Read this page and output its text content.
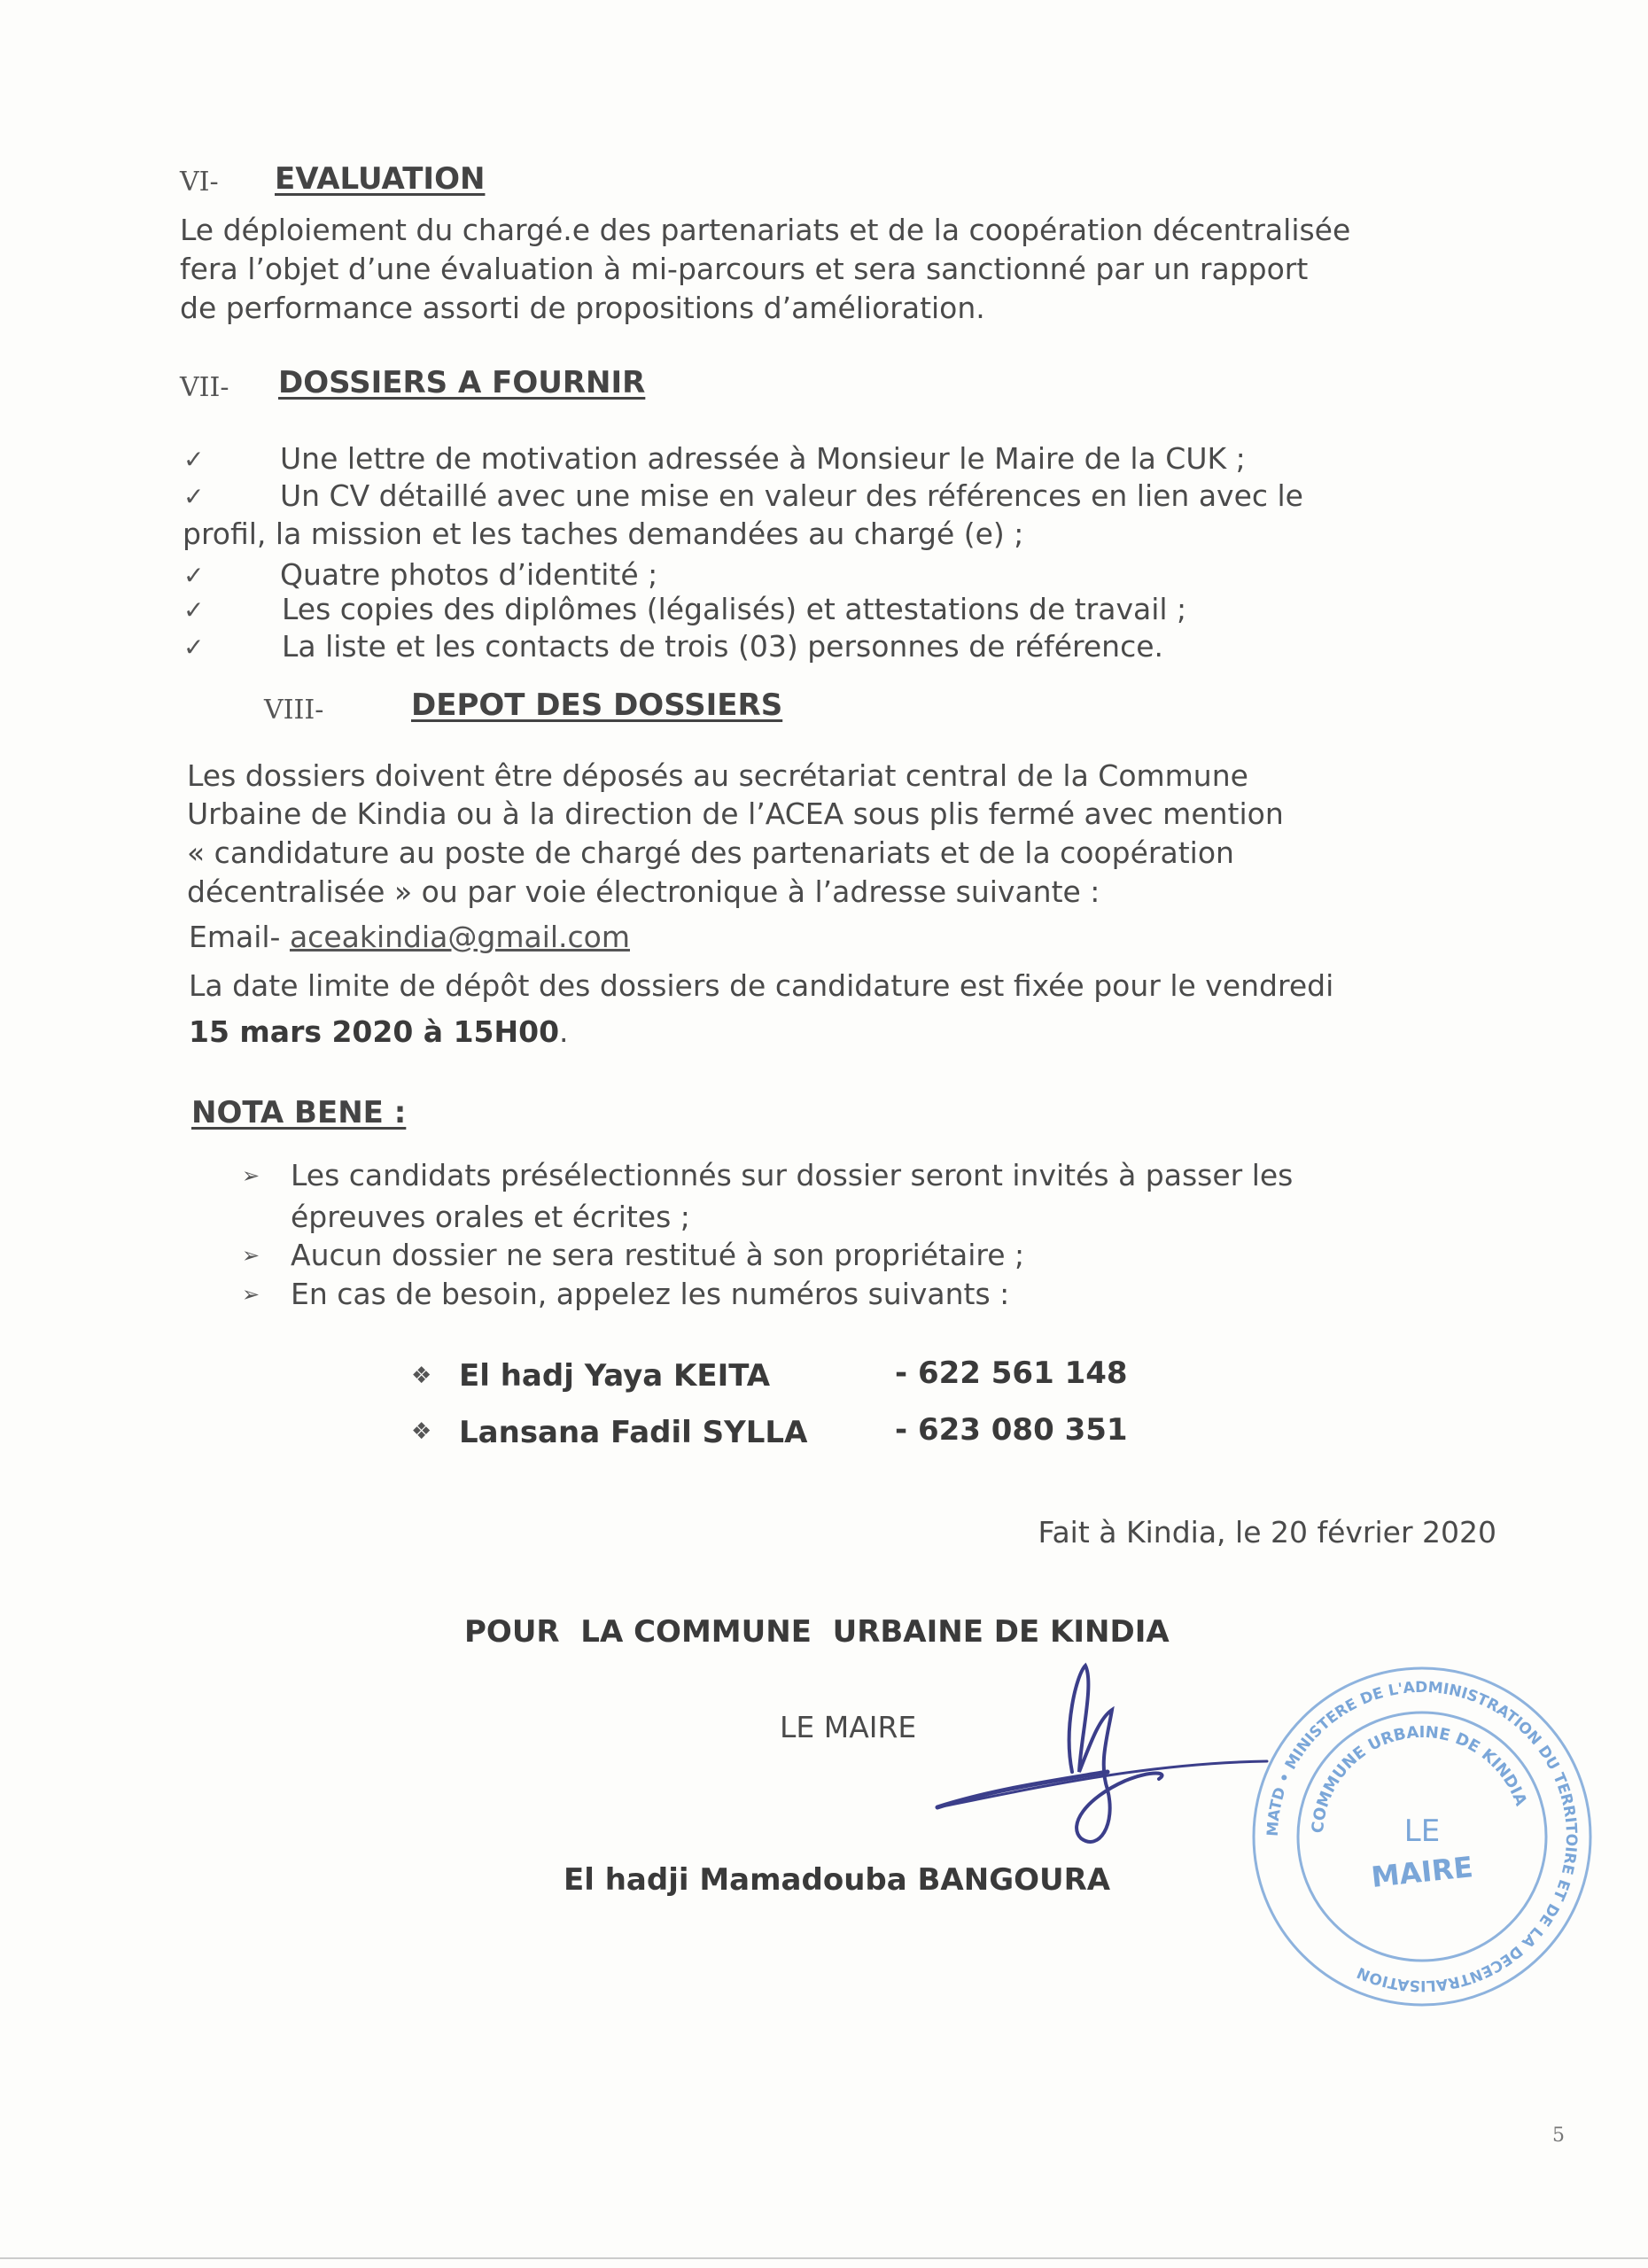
VI- EVALUATION
Le déploiement du chargé.e des partenariats et de la coopération décentralisée
fera l’objet d’une évaluation à mi-parcours et sera sanctionné par un rapport
de performance assorti de propositions d’amélioration.
VII- DOSSIERS A FOURNIR
✓	Une lettre de motivation adressée à Monsieur le Maire de la CUK ;
✓	Un CV détaillé avec une mise en valeur des références en lien avec le
profil, la mission et les taches demandées au chargé (e) ;
✓	Quatre photos d’identité ;
✓	Les copies des diplômes (légalisés) et attestations de travail ;
✓	La liste et les contacts de trois (03) personnes de référence.
VIII-	DEPOT DES DOSSIERS
Les dossiers doivent être déposés au secrétariat central de la Commune
Urbaine de Kindia ou à la direction de l’ACEA sous plis fermé avec mention
« candidature au poste de chargé des partenariats et de la coopération
décentralisée » ou par voie électronique à l’adresse suivante :
Email- aceakindia@gmail.com
La date limite de dépôt des dossiers de candidature est fixée pour le vendredi
15 mars 2020 à 15H00.
NOTA BENE :
➢ Les candidats présélectionnés sur dossier seront invités à passer les
épreuves orales et écrites ;
➢ Aucun dossier ne sera restitué à son propriétaire ;
➢ En cas de besoin, appelez les numéros suivants :
❖ El hadj Yaya KEITA	- 622 561 148
❖ Lansana Fadil SYLLA	- 623 080 351
Fait à Kindia, le 20 février 2020
POUR  LA COMMUNE  URBAINE DE KINDIA
LE MAIRE
El hadji Mamadouba BANGOURA
MATD • MINISTERE DE L'ADMINISTRATION DU TERRITOIRE ET DE LA DECENTRALISATION
COMMUNE URBAINE DE KINDIA
LE
MAIRE
5
